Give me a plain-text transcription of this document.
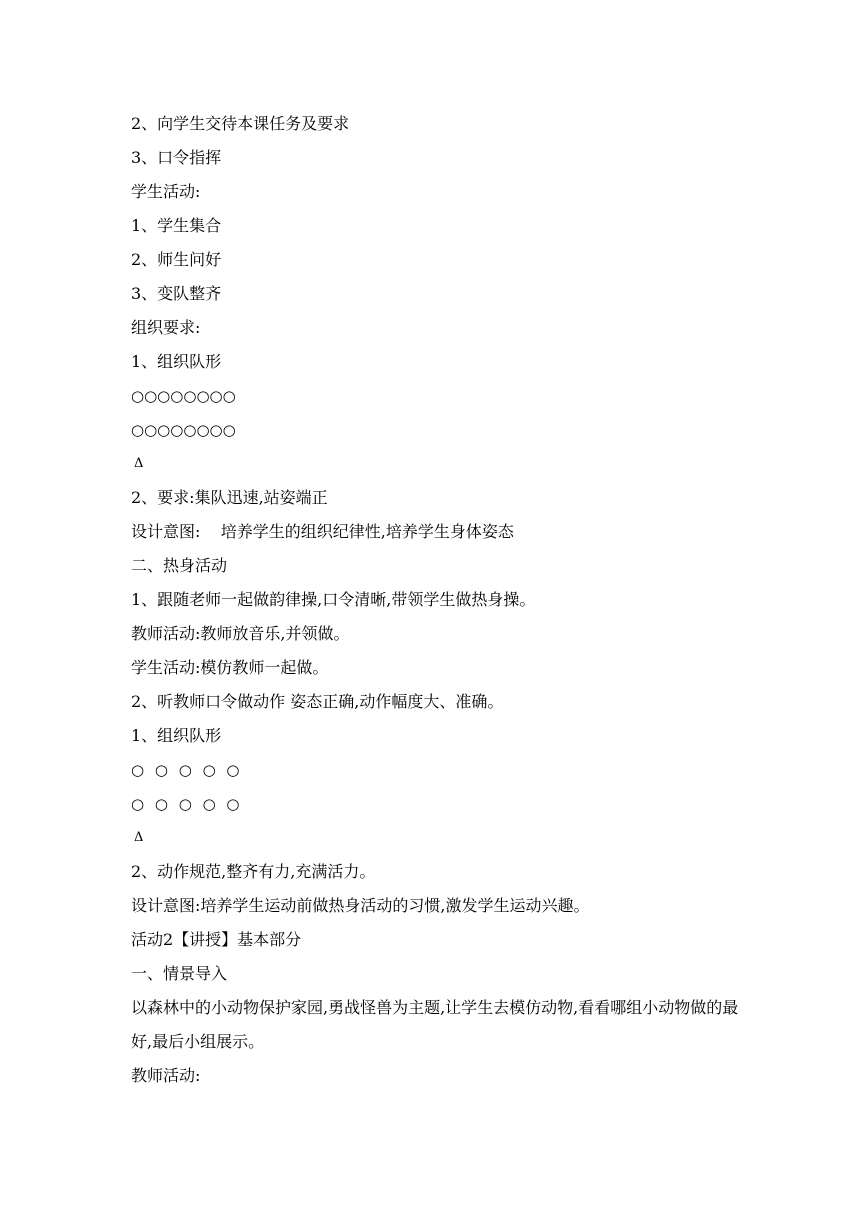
2、向学生交待本课任务及要求

3、口令指挥

学生活动:

1、学生集合

2、师生问好

3、变队整齐

组织要求:

1、组织队形

○○○○○○○○

○○○○○○○○

Δ

2、要求:集队迅速,站姿端正

设计意图:    培养学生的组织纪律性,培养学生身体姿态

二、热身活动

1、跟随老师一起做韵律操,口令清晰,带领学生做热身操。

教师活动:教师放音乐,并领做。

学生活动:模仿教师一起做。

2、听教师口令做动作 姿态正确,动作幅度大、准确。

1、组织队形

○ ○ ○ ○ ○

○ ○ ○ ○ ○

Δ

2、动作规范,整齐有力,充满活力。

设计意图:培养学生运动前做热身活动的习惯,激发学生运动兴趣。

活动2【讲授】基本部分

一、情景导入

以森林中的小动物保护家园,勇战怪兽为主题,让学生去模仿动物,看看哪组小动物做的最好,最后小组展示。

教师活动:
